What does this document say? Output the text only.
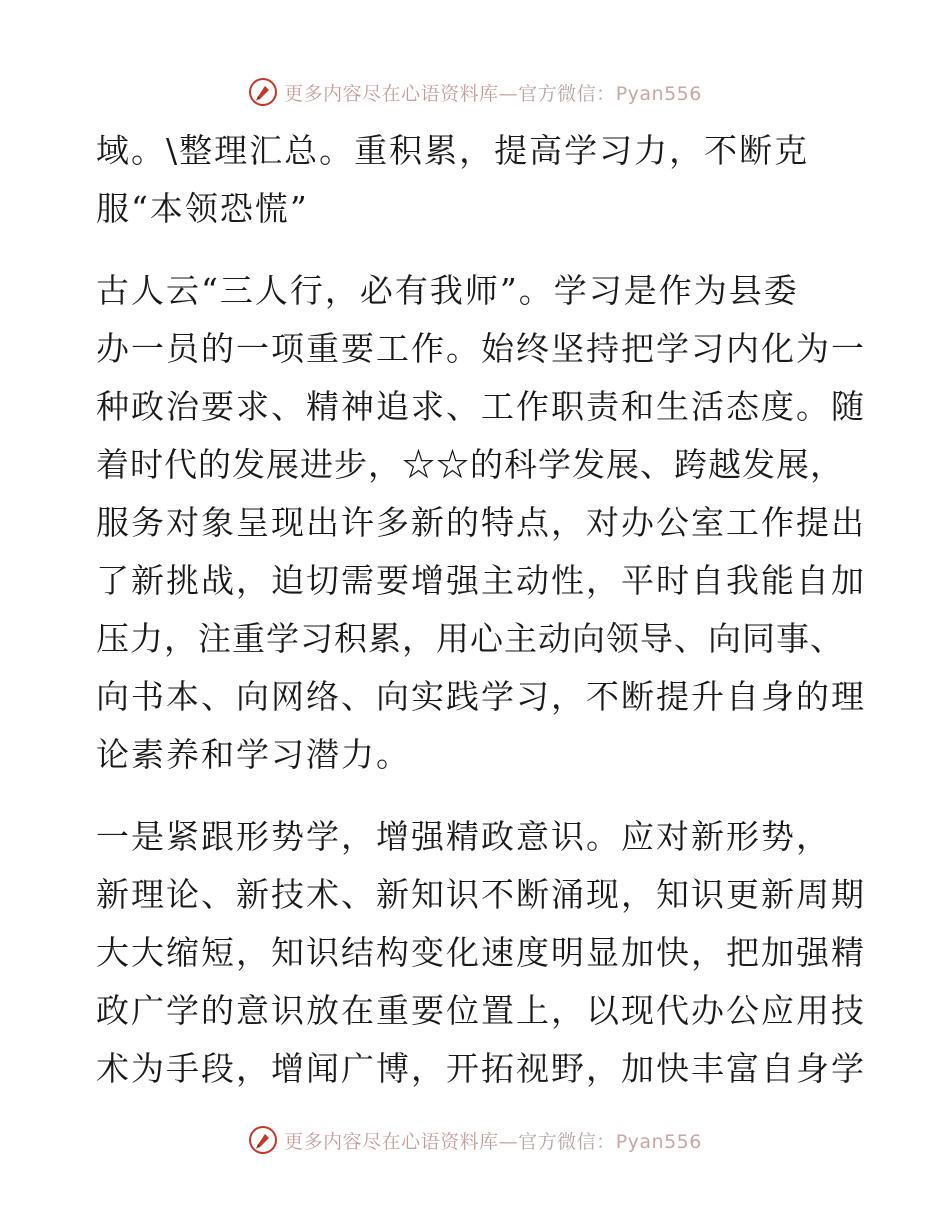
更多内容尽在心语资料库—官方微信：Pyan556
域。\整理汇总。重积累，提高学习力，不断克
服“本领恐慌”
古人云“三人行，必有我师”。学习是作为县委
办一员的一项重要工作。始终坚持把学习内化为一
种政治要求、精神追求、工作职责和生活态度。随
着时代的发展进步，☆☆的科学发展、跨越发展，
服务对象呈现出许多新的特点，对办公室工作提出
了新挑战，迫切需要增强主动性，平时自我能自加
压力，注重学习积累，用心主动向领导、向同事、
向书本、向网络、向实践学习，不断提升自身的理
论素养和学习潜力。
一是紧跟形势学，增强精政意识。应对新形势，
新理论、新技术、新知识不断涌现，知识更新周期
大大缩短，知识结构变化速度明显加快，把加强精
政广学的意识放在重要位置上，以现代办公应用技
术为手段，增闻广博，开拓视野，加快丰富自身学
更多内容尽在心语资料库—官方微信：Pyan556
